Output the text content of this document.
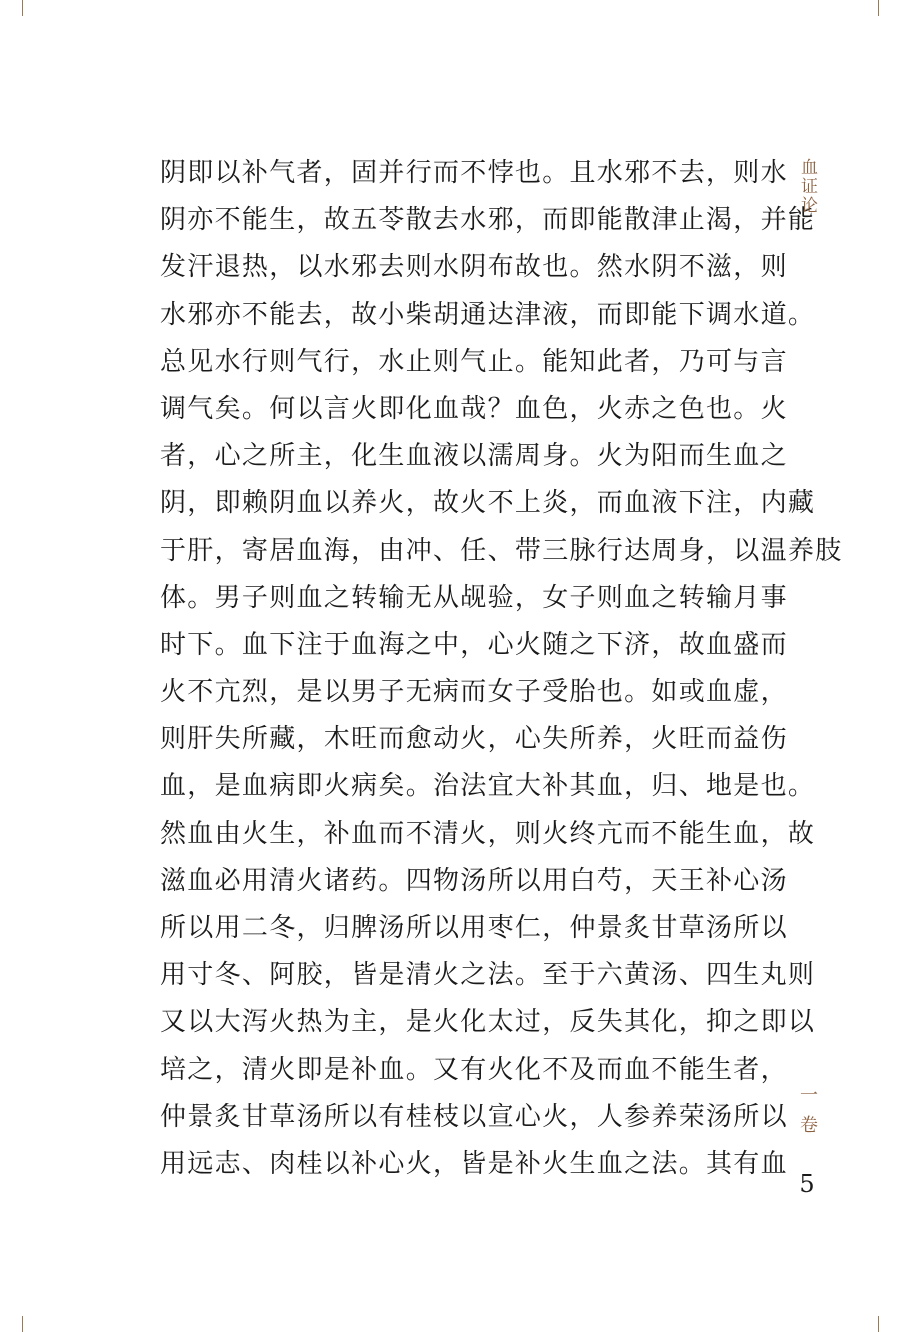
阴即以补气者，固并行而不悖也。且水邪不去，则水
阴亦不能生，故五苓散去水邪，而即能散津止渴，并能
发汗退热，以水邪去则水阴布故也。然水阴不滋，则
水邪亦不能去，故小柴胡通达津液，而即能下调水道。
总见水行则气行，水止则气止。能知此者，乃可与言
调气矣。何以言火即化血哉？血色，火赤之色也。火
者，心之所主，化生血液以濡周身。火为阳而生血之
阴，即赖阴血以养火，故火不上炎，而血液下注，内藏
于肝，寄居血海，由冲、任、带三脉行达周身，以温养肢
体。男子则血之转输无从觇验，女子则血之转输月事
时下。血下注于血海之中，心火随之下济，故血盛而
火不亢烈，是以男子无病而女子受胎也。如或血虚，
则肝失所藏，木旺而愈动火，心失所养，火旺而益伤
血，是血病即火病矣。治法宜大补其血，归、地是也。
然血由火生，补血而不清火，则火终亢而不能生血，故
滋血必用清火诸药。四物汤所以用白芍，天王补心汤
所以用二冬，归脾汤所以用枣仁，仲景炙甘草汤所以
用寸冬、阿胶，皆是清火之法。至于六黄汤、四生丸则
又以大泻火热为主，是火化太过，反失其化，抑之即以
培之，清火即是补血。又有火化不及而血不能生者，
仲景炙甘草汤所以有桂枝以宣心火，人参养荣汤所以
用远志、肉桂以补心火，皆是补火生血之法。其有血
血证论
一卷
5
